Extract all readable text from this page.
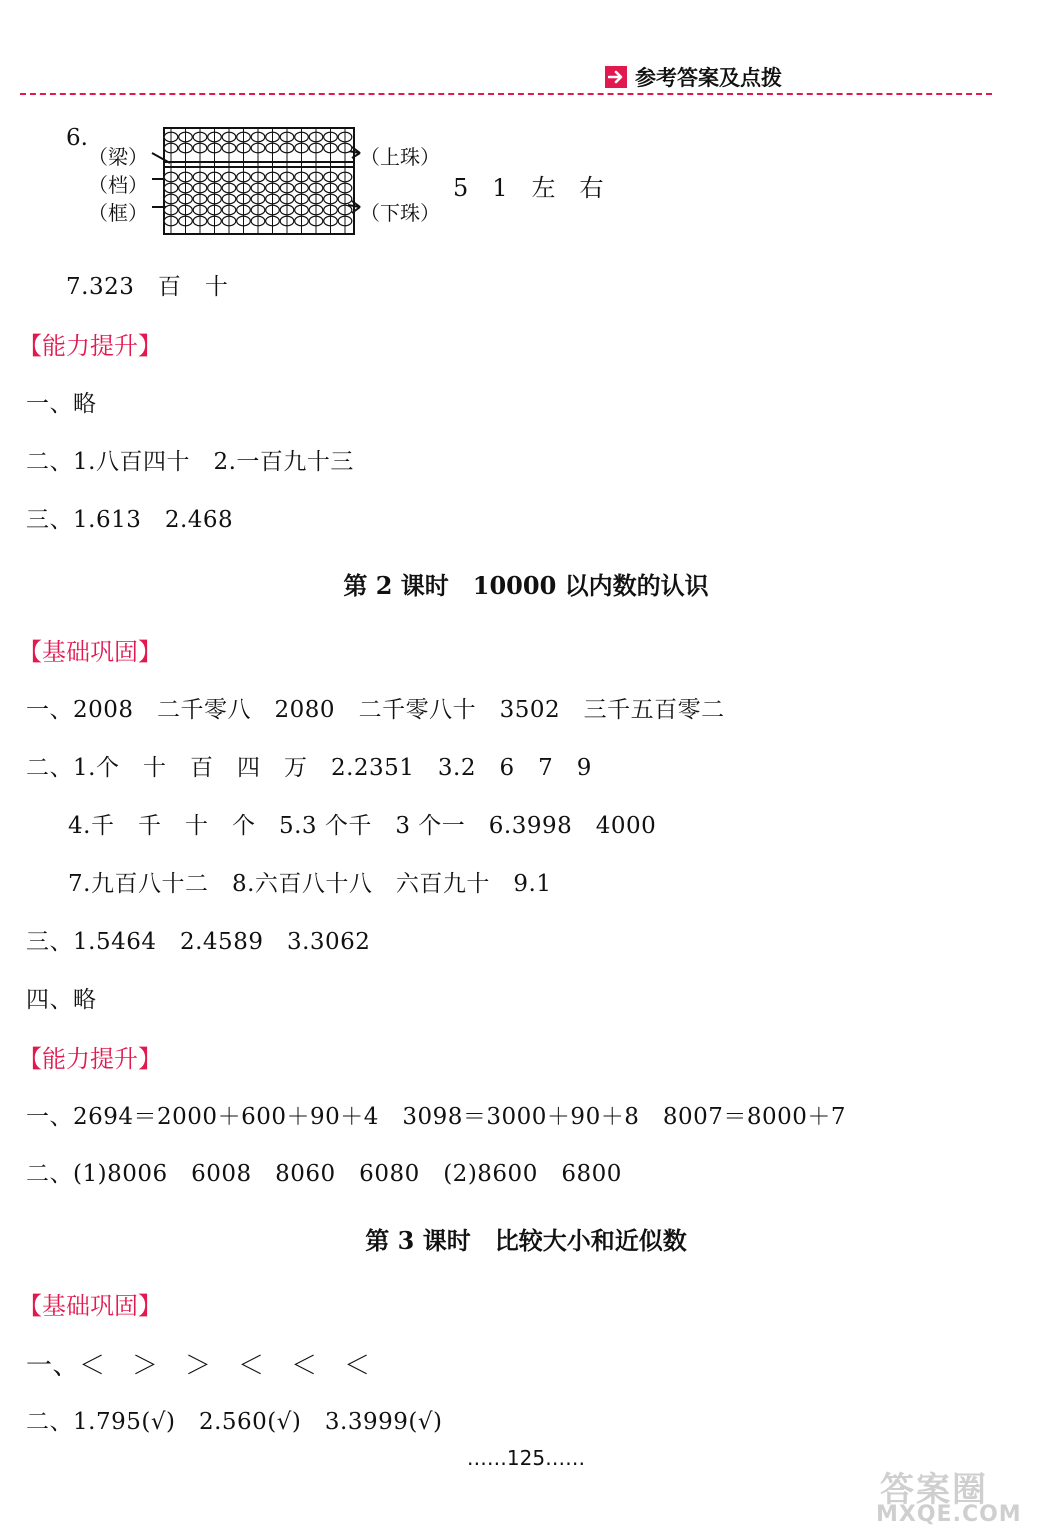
参考答案及点拨
6.
（梁）
（档）
（框）
（上珠）
（下珠）
5　1　左　右
7.323　百　十
【能力提升】
一、略
二、1.八百四十　2.一百九十三
三、1.613　2.468
第 2 课时　10000 以内数的认识
【基础巩固】
一、2008　二千零八　2080　二千零八十　3502　三千五百零二
二、1.个　十　百　四　万　2.2351　3.2　6　7　9
4.千　千　十　个　5.3 个千　3 个一　6.3998　4000
7.九百八十二　8.六百八十八　六百九十　9.1
三、1.5464　2.4589　3.3062
四、略
【能力提升】
一、2694＝2000＋600＋90＋4　3098＝3000＋90＋8　8007＝8000＋7
二、(1)8006　6008　8060　6080　(2)8600　6800
第 3 课时　比较大小和近似数
【基础巩固】
一、＜　＞　＞　＜　＜　＜
二、1.795(√)　2.560(√)　3.3999(√)
……125……
答案圈
MXQE.COM
